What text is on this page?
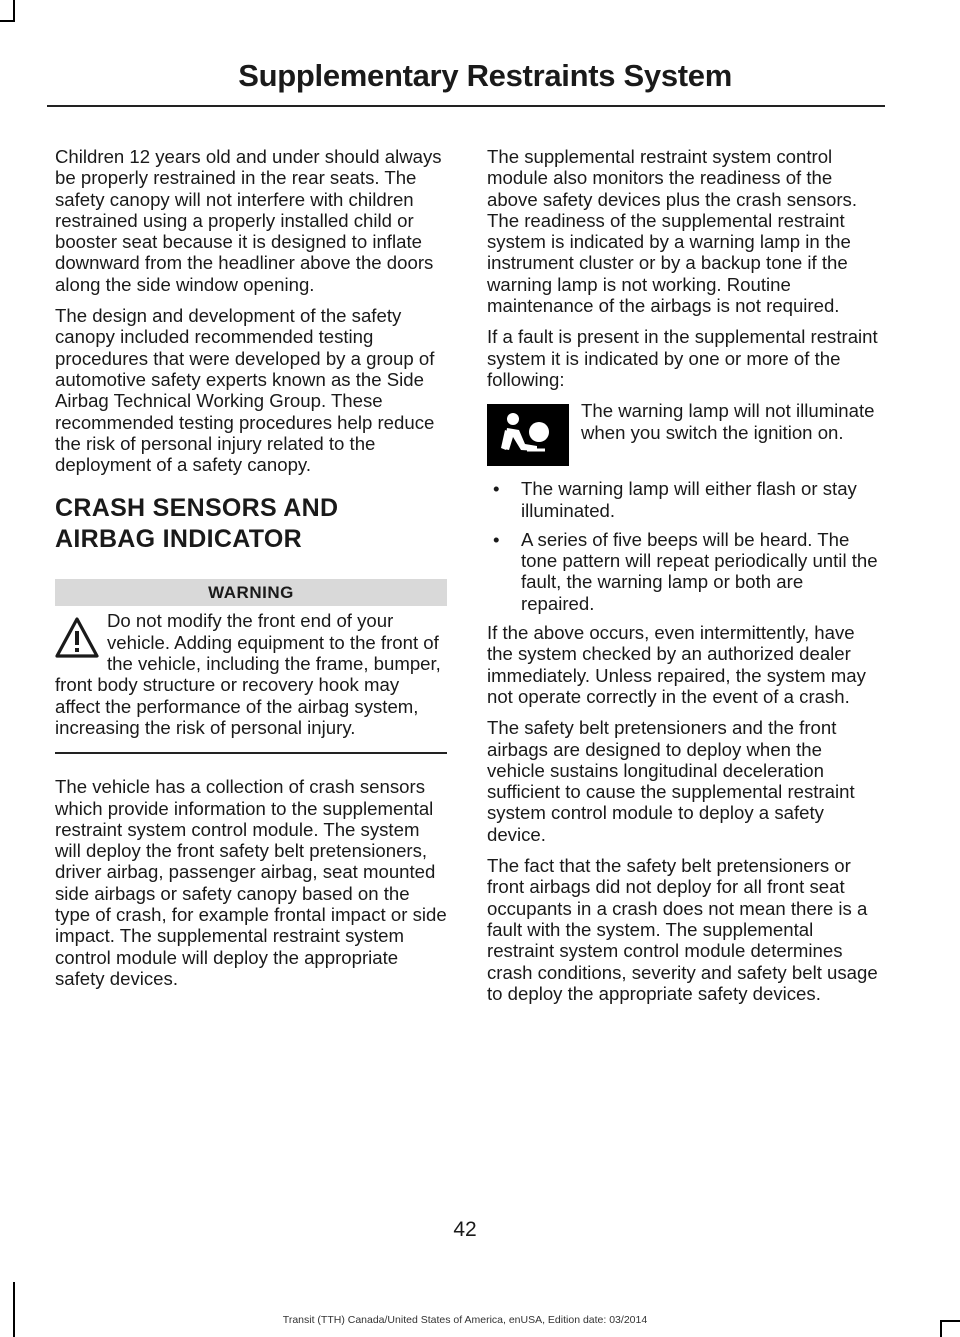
Supplementary Restraints System

Children 12 years old and under should always be properly restrained in the rear seats. The safety canopy will not interfere with children restrained using a properly installed child or booster seat because it is designed to inflate downward from the headliner above the doors along the side window opening.

The design and development of the safety canopy included recommended testing procedures that were developed by a group of automotive safety experts known as the Side Airbag Technical Working Group. These recommended testing procedures help reduce the risk of personal injury related to the deployment of a safety canopy.

CRASH SENSORS AND
AIRBAG INDICATOR
WARNING
Do not modify the front end of your vehicle. Adding equipment to the front of the vehicle, including the frame, bumper, front body structure or recovery hook may affect the performance of the airbag system, increasing the risk of personal injury.

The vehicle has a collection of crash sensors which provide information to the supplemental restraint system control module. The system will deploy the front safety belt pretensioners, driver airbag, passenger airbag, seat mounted side airbags or safety canopy based on the type of crash, for example frontal impact or side impact. The supplemental restraint system control module will deploy the appropriate safety devices.

The supplemental restraint system control module also monitors the readiness of the above safety devices plus the crash sensors. The readiness of the supplemental restraint system is indicated by a warning lamp in the instrument cluster or by a backup tone if the warning lamp is not working. Routine maintenance of the airbags is not required.

If a fault is present in the supplemental restraint system it is indicated by one or more of the following:

The warning lamp will not illuminate when you switch the ignition on.
• The warning lamp will either flash or stay illuminated.
• A series of five beeps will be heard. The tone pattern will repeat periodically until the fault, the warning lamp or both are repaired.

If the above occurs, even intermittently, have the system checked by an authorized dealer immediately. Unless repaired, the system may not operate correctly in the event of a crash.

The safety belt pretensioners and the front airbags are designed to deploy when the vehicle sustains longitudinal deceleration sufficient to cause the supplemental restraint system control module to deploy a safety device.

The fact that the safety belt pretensioners or front airbags did not deploy for all front seat occupants in a crash does not mean there is a fault with the system. The supplemental restraint system control module determines crash conditions, severity and safety belt usage to deploy the appropriate safety devices.

42
Transit (TTH) Canada/United States of America, enUSA, Edition date: 03/2014
